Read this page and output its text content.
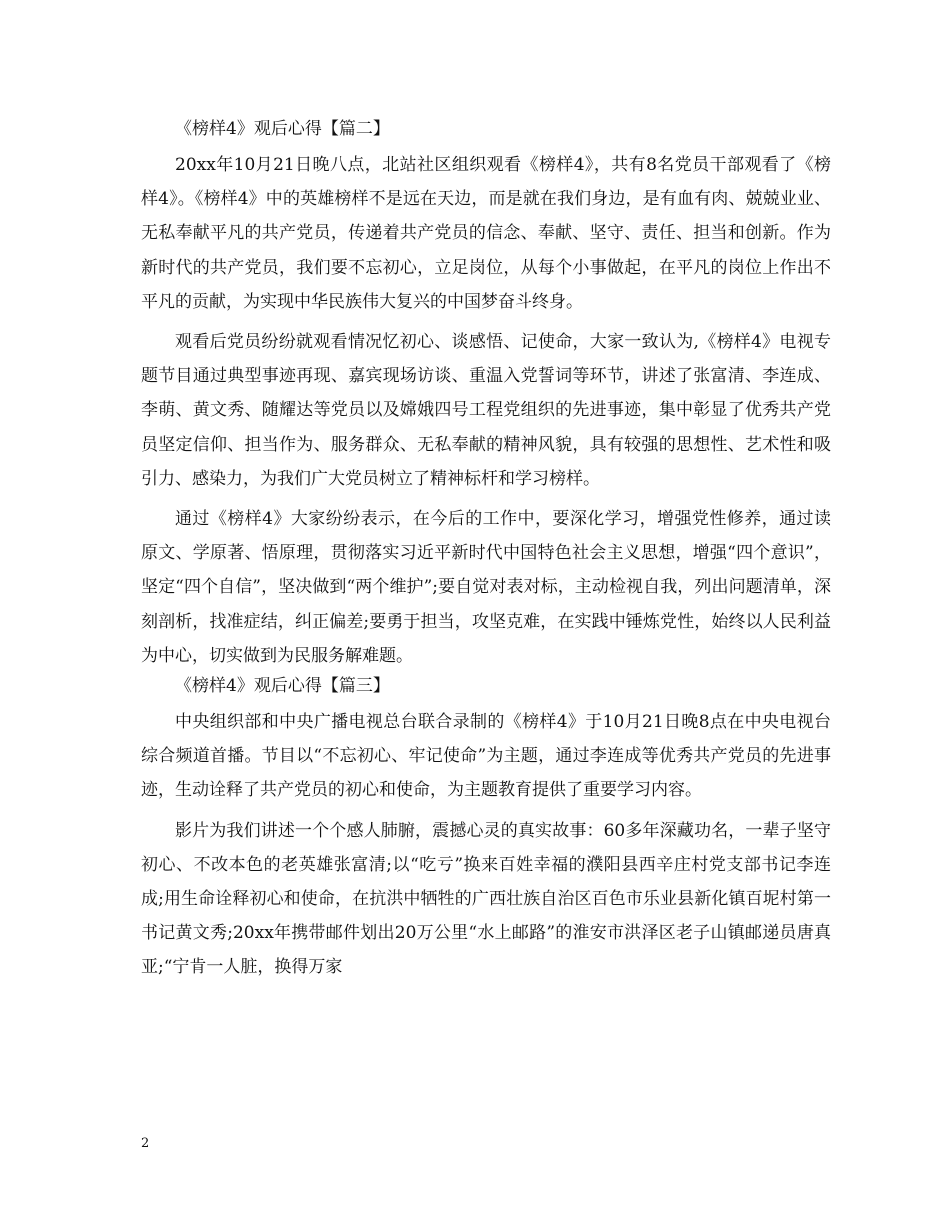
《榜样4》观后心得【篇二】

20xx年10月21日晚八点，北站社区组织观看《榜样4》，共有8名党员干部观看了《榜样4》。《榜样4》中的英雄榜样不是远在天边，而是就在我们身边，是有血有肉、兢兢业业、无私奉献平凡的共产党员，传递着共产党员的信念、奉献、坚守、责任、担当和创新。作为新时代的共产党员，我们要不忘初心，立足岗位，从每个小事做起，在平凡的岗位上作出不平凡的贡献，为实现中华民族伟大复兴的中国梦奋斗终身。

观看后党员纷纷就观看情况忆初心、谈感悟、记使命，大家一致认为,《榜样4》电视专题节目通过典型事迹再现、嘉宾现场访谈、重温入党誓词等环节，讲述了张富清、李连成、李萌、黄文秀、随耀达等党员以及嫦娥四号工程党组织的先进事迹，集中彰显了优秀共产党员坚定信仰、担当作为、服务群众、无私奉献的精神风貌，具有较强的思想性、艺术性和吸引力、感染力，为我们广大党员树立了精神标杆和学习榜样。

通过《榜样4》大家纷纷表示，在今后的工作中，要深化学习，增强党性修养，通过读原文、学原著、悟原理，贯彻落实习近平新时代中国特色社会主义思想，增强“四个意识”，坚定“四个自信”，坚决做到“两个维护”;要自觉对表对标，主动检视自我，列出问题清单，深刻剖析，找准症结，纠正偏差;要勇于担当，攻坚克难，在实践中锤炼党性，始终以人民利益为中心，切实做到为民服务解难题。

《榜样4》观后心得【篇三】

中央组织部和中央广播电视总台联合录制的《榜样4》于10月21日晚8点在中央电视台综合频道首播。节目以“不忘初心、牢记使命”为主题，通过李连成等优秀共产党员的先进事迹，生动诠释了共产党员的初心和使命，为主题教育提供了重要学习内容。

影片为我们讲述一个个感人肺腑，震撼心灵的真实故事：60多年深藏功名，一辈子坚守初心、不改本色的老英雄张富清;以“吃亏”换来百姓幸福的濮阳县西辛庄村党支部书记李连成;用生命诠释初心和使命，在抗洪中牺牲的广西壮族自治区百色市乐业县新化镇百坭村第一书记黄文秀;20xx年携带邮件划出20万公里“水上邮路”的淮安市洪泽区老子山镇邮递员唐真亚;“宁肯一人脏，换得万家

2
